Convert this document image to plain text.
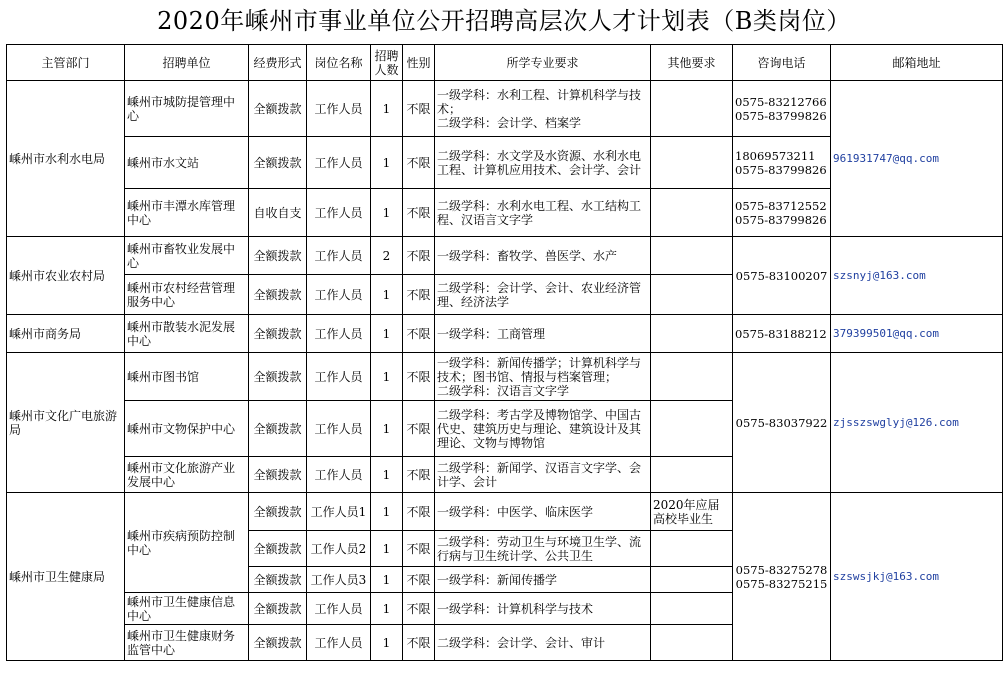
2020年嵊州市事业单位公开招聘高层次人才计划表（B类岗位）
主管部门	招聘单位	经费形式	岗位名称	招聘人数	性别	所学专业要求	其他要求	咨询电话	邮箱地址
嵊州市水利水电局	嵊州市城防提管理中心	全额拨款	工作人员	1	不限	一级学科：水利工程、计算机科学与技术；
二级学科：会计学、档案学		0575-83212766
0575-83799826	961931747@qq.com
	嵊州市水文站	全额拨款	工作人员	1	不限	二级学科：水文学及水资源、水利水电工程、计算机应用技术、会计学、会计		18069573211
0575-83799826	
	嵊州市丰潭水库管理中心	自收自支	工作人员	1	不限	二级学科：水利水电工程、水工结构工程、汉语言文字学		0575-83712552
0575-83799826	
嵊州市农业农村局	嵊州市畜牧业发展中心	全额拨款	工作人员	2	不限	一级学科：畜牧学、兽医学、水产		0575-83100207	szsnyj@163.com
	嵊州市农村经营管理服务中心	全额拨款	工作人员	1	不限	二级学科：会计学、会计、农业经济管理、经济法学			
嵊州市商务局	嵊州市散装水泥发展中心	全额拨款	工作人员	1	不限	一级学科：工商管理		0575-83188212	379399501@qq.com
嵊州市文化广电旅游局	嵊州市图书馆	全额拨款	工作人员	1	不限	一级学科：新闻传播学；计算机科学与技术；图书馆、情报与档案管理；
二级学科：汉语言文字学		0575-83037922	zjsszswglyj@126.com
	嵊州市文物保护中心	全额拨款	工作人员	1	不限	二级学科：考古学及博物馆学、中国古代史、建筑历史与理论、建筑设计及其理论、文物与博物馆			
	嵊州市文化旅游产业发展中心	全额拨款	工作人员	1	不限	二级学科：新闻学、汉语言文字学、会计学、会计			
嵊州市卫生健康局	嵊州市疾病预防控制中心	全额拨款	工作人员1	1	不限	一级学科：中医学、临床医学	2020年应届高校毕业生	0575-83275278
0575-83275215	szswsjkj@163.com
		全额拨款	工作人员2	1	不限	二级学科：劳动卫生与环境卫生学、流行病与卫生统计学、公共卫生			
		全额拨款	工作人员3	1	不限	一级学科：新闻传播学			
	嵊州市卫生健康信息中心	全额拨款	工作人员	1	不限	一级学科：计算机科学与技术			
	嵊州市卫生健康财务监管中心	全额拨款	工作人员	1	不限	二级学科：会计学、会计、审计			
